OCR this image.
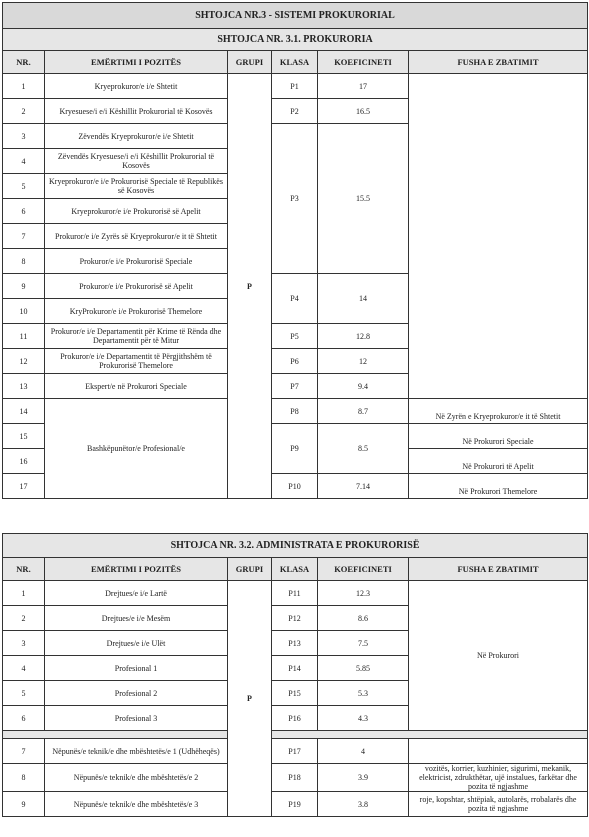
SHTOJCA NR.3 - SISTEMI PROKURORIAL					
SHTOJCA NR. 3.1. PROKURORIA					
NR.	EMËRTIMI I POZITËS	GRUPI	KLASA	KOEFICINETI	FUSHA E ZBATIMIT
1	Kryeprokuror/e i/e Shtetit	P	P1	17	
2	Kryesuese/i e/i Këshillit Prokurorial të Kosovës		P2	16.5	
3	Zëvendës Kryeprokuror/e i/e Shtetit		P3	15.5	
4	Zëvendës Kryesuese/i e/i Këshillit Prokurorial të Kosovës				
5	Kryeprokuror/e i/e Prokurorisë Speciale të Republikës së Kosovës				
6	Kryeprokuror/e i/e Prokurorisë së Apelit				
7	Prokuror/e i/e Zyrës së Kryeprokuror/e it të Shtetit				
8	Prokuror/e i/e Prokurorisë Speciale				
9	Prokuror/e i/e Prokurorisë së Apelit		P4	14	
10	KryProkuror/e i/e Prokurorisë Themelore				
11	Prokuror/e i/e Departamentit për Krime të Rënda dhe Departamentit për të Mitur		P5	12.8	
12	Prokuror/e i/e Departamentit të Përgjithshëm të Prokurorisë Themelore		P6	12	
13	Ekspert/e në Prokurori Speciale		P7	9.4	
14	Bashkëpunëtor/e Profesional/e		P8	8.7	Në Zyrën e Kryeprokuror/e it të Shtetit
15			P9	8.5	Në Prokurori Speciale
16					Në Prokurori të Apelit
17			P10	7.14	Në Prokurori Themelore
SHTOJCA NR. 3.2. ADMINISTRATA E PROKURORISË					
NR.	EMËRTIMI I POZITËS	GRUPI	KLASA	KOEFICINETI	FUSHA E ZBATIMIT
1	Drejtues/e i/e Lartë	P	P11	12.3	Në Prokurori
2	Drejtues/e i/e Mesëm		P12	8.6	
3	Drejtues/e i/e Ulët		P13	7.5	
4	Profesional 1		P14	5.85	
5	Profesional 2		P15	5.3	
6	Profesional 3		P16	4.3	

7	Nëpunës/e teknik/e dhe mbështetës/e 1 (Udhëheqës)		P17	4	
8	Nëpunës/e teknik/e dhe mbështetës/e 2		P18	3.9	vozitës, korrier, kuzhinier, sigurimi, mekanik, elektricist, zdrukthëtar, ujë instalues, farkëtar dhe pozita të ngjashme
9	Nëpunës/e teknik/e dhe mbështetës/e 3		P19	3.8	roje, kopshtar, shtëpiak, autolarës, rrobalarës dhe pozita të ngjashme
